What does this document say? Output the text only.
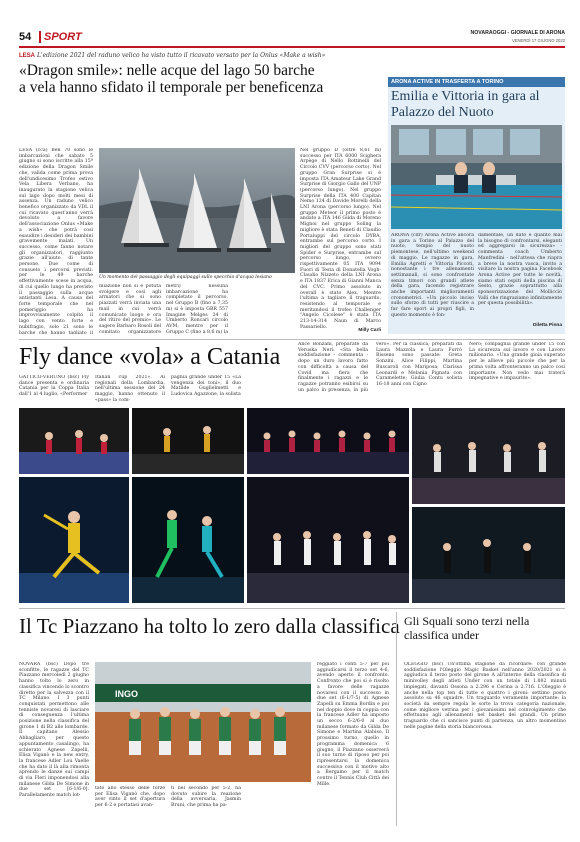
54	SPORT	NOVARAOGGI - GIORNALE DI ARONA
VENERDÌ 17 GIUGNO 2022
LESA L'edizione 2021 del raduno velico ha visto tutto il ricavato versato per la Onlus «Make a wish»
«Dragon smile»: nelle acque del lago 50 barche
a vela hanno sfidato il temporale per beneficenza
LESA (cca) Ben 70 sono le imbarcazioni che sabato 5 giugno si sono iscritte alla 15ª edizione della Dragon Smile che, valida come prima prova dell'undicesimo Trofeo estivo Vela Libera Verbano, ha inaugurato la stagione velica sul lago dopo molti mesi di assenza. Un raduno velico benefico organizzato da VDL il cui ricavato quest'anno verrà devoluto a favore dell'associazione Onlus «Make a wish» che potrà così esaudire i desideri dei bambini gravemente malati. Un successo, come fanno notare gli organizzatori, raggiunto grazie all'aiuto di tante persone. Due come di consueto i percorsi previsti: per le 49 barche effettivamente scese in acqua, di cui quello lungo ha previsto il passaggio sulla acque antistanti Lesa. A causa del forte temporale che nel pomeriggio ha improvvisamente colpito il lago con vento forte e nubifragio, solo 21 sono le barche che hanno tagliato il
Un momento del passaggio degli equipaggi sullo specchio d'acqua lesiano
miazione non si è potuta svolgere e così agli armatori che si sono piazzati verrà inviata una mail in cui verrà comunicato luogo e ora del ritiro del premio». Le sagere Barbaro Rosoli del comitato organizzatore
metri) nessuna imbarcazione ha completato il percorso, nel Gruppo B (fino a 7,35 m) si è imposta GBR 557 Imagine Melges 24 di Umberto Roncari circolo AVM, mentre per il Gruppo C (fino a 8,6 m) la
Nel gruppo D (oltre 8,61 m) successo per ITA 6000 Scighera Arpège di Nello Bottinelli del Circolo CVV (percorso corto). Nel gruppo Gran Surprise si è imposta ITA Amateur Lake Grand Surprise di Giorgio Gallo del UNP (percorso lungo). Nel gruppo Surprise della ITA 400 Capitan Nemo 124 di Davide Morelli della LNI Arona (percorso lungo). Nel gruppo Meteor il primo posto è andato a ITA 146 Gilda di Moreno Mignoi nel gruppo Soling la migliore è stata Beneti di Claudio Portaluppi del circolo DYBA, entrambe sul percorso corto. I migliori del gruppo sono stati Spider e Surprise, entrambe sul percorso lungo, ovvero rispettivamente 05 ITA 9094 Fuori di Testa di Donatella Vogh-Claudio Nizzeto della LNI Arona e ITA 1837 Erica di Gianni Manca del CVC. Primo assoluto in overall è stato Alex. Mentre l'ultima a tagliare il traguardo, resistendo al temporale e meritandosi il trofeo Challenger "Angelo Cicolese" è stata ITA 213-14-314 Naun di Marco Passariello.
Milly Carli
ARONA ACTIVE IN TRASFERTA A TORINO
Emilia e Vittoria in gara al Palazzo del Nuoto
ARONA (cdr) Arona Active ancora in gara a Torino al Palazzo del nuoto, tempio del nuoto piemontese, nell'ultimo weekend di maggio. Le ragazze in gara, Emilia Agretti e Vittoria Piccoti, nonostante i tre allenamenti settimanali, si sono confrontate senza timori con grandi atlete della gara, facendo registrare anche importanti miglioramenti cronometrici. «Un piccolo inciso sullo sforzo di tutti per riuscire a far fare sport ai propri figli, in questo momento è fon-
damentale, un dato e quanto mai la bisogno di confrontarsi, eleganti ed aggregarsi in sicurezza» - commenta coach Umberto Manfredini - nell'attesa che riapra a breve la nostra vasca, invito a visitare la nostra pagina Facebook Arona Active per tutte le novità, siamo stati ospiti della piscina di Sesto, grazie soprattutto alla sponsorizzazione del Molliccio Valli che ringraziamo infinitamente per questa possibilità».
Diletta Pinna
Fly dance «vola» a Catania
GATTICO-VERUNO (bsc) Fly dance presenta e ordinaria Catania per la Coppa Italia dall'1 al 4 luglio, «Performer
Italian cup 2021». Ai regionali della Lombardia, nell'ultima sessione del 24 maggio, hanno ottenuto il «pass» la com-
pagnia grande under 15 «La vengenza dei toni», il duo Matilde Guglielmetti e Ludovica Agazzone, la solista
Alice Bonzani, preparate da Veruska Neri: «Sta bella soddisfazione - commenta - dopo un duro lavoro fatto con difficoltà a causa del Covid ma fiera che finalmente i ragazzi e le ragazze potranno esibirsi su un palco in presenza, in più
vero». Per la classica, preparati da Laura Mazzola e Laura Furrò Bisseno sono passate: Greta Sonzini, Alice Filippi, Martina Buscaroli con Mariposa; Clarissa Leonardi e Melania Pignata con Caramelette; Giulia Contu solista 16-18 anni con Cigno
Nero; compagnia grande under 15 con La sicurezza sul lavoro e con Lavoro milionario. «Una grande gioia superato per le allieve più piccole che per la prima volta affronteranno un palco così importante. Non vedo mai traterà impegnative e impaurite».
Il Tc Piazzano ha tolto lo zero dalla classifica
NOVARA (bsc) Dopo tre sconfitte, le ragazze del TC Piazzano mercoledì 2 giugno hanno tolto lo zero in classifica vincendo lo scontro diretto per la salvezza con il TC Milano. I 3 punti conquistati permettono alle tenniste novaresi di lasciare di conseguenza l'ultima posizione nella classifica del girone 1 di B2 alle lombarde. Il capitano Alessio Abbagliaro, per questo appuntamento casalingo, ha schierato Agnese Zapelli, Elisa Viganò e la new entry, la francese Adler Lou Vaelle che ha dato il là alla rimonta aprendo le danze sui campi di via Fleri imponendosi alla milanese Gilda De Simone in due set [6-1/6-0]. Parallelamente match lot-
INGO
tato allo stesso delle forze per Elisa Viganò che, dopo aver vinto il set d'apertura per 6-2 e portatasi avan-
ti nel secondo per 5-2, ha dovuto subire la reazione della avversaria, Jasmin Bruni, che prima ha pa-
reggiato i conti 5-7 per poi aggiudicarsi il terzo set 4-6, avendo aperto il confronto. Confronto che poi si è risolto a favore delle ragazze novaresi con il successo in due set (6-1/7-5) di Agnese Zapelli su Emma Bordin e poi nel doppio dove in coppia con la francese Adler ha imposto un secco 6-2/6-0 al duo milanese formato da Gilda De Simone e Martina Alabiso. Il prossimo turno, quello in programma domenica 6 giugno, il Piazzano osserverà il suo turno di riposo per poi ripresentarsi la domenica successiva con il motivo alto a Bergamo per il match contro il Tennis Club Città dei Mille.
Gli Squali sono terzi nella classifica under
OLEGGIO (bsc) Un'ottima stagione da ricordare: con grande soddisfazione l'Oleggio Magic Basket nell'anno 2020/2021 si è aggiudica il terzo posto del girone A all'interno della classifica di minivolley degli atleti Under con un totale di 1.882 minuti impiegati, davanti Ossona a 2.296 e Cerina a 2.716. L'Oleggio è anche nella top ten di tutte e quattro i gironi: settimo posto assoluto su 46 squadre. Un traguardo veramente importante: la società da sempre regola le sorte la trova categoria nazionale, come migliore vetrina per i giovanissimi nel coinvolgimento che effettuano agli allenamenti nel basket dei grandi. Un primo traguardo che ci sancisce punti di partenza, un altro momentino nelle pagine della storia biancorossa.
